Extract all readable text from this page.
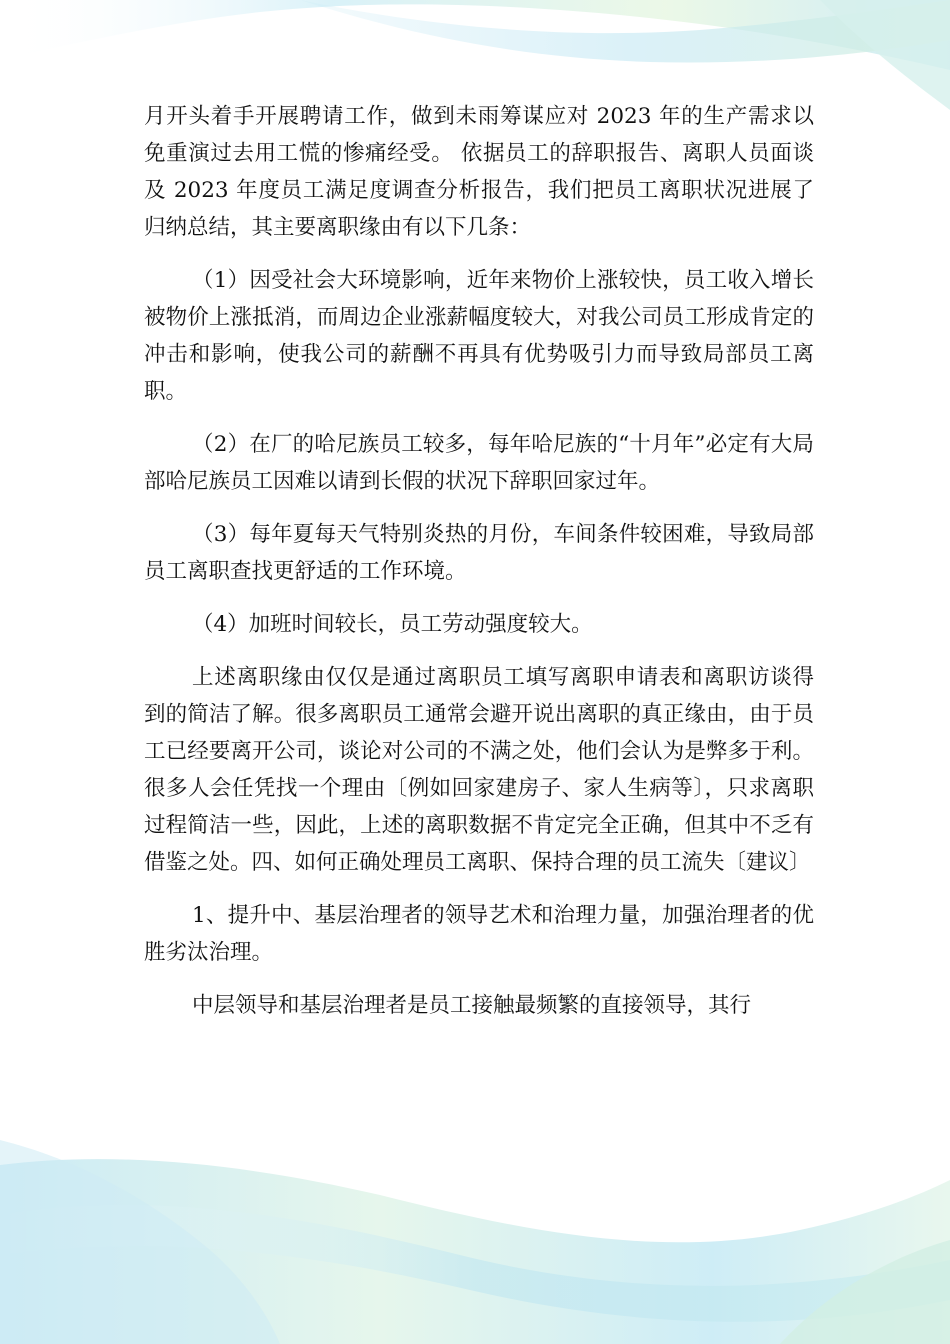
月开头着手开展聘请工作，做到未雨筹谋应对 2023 年的生产需求以免重演过去用工慌的惨痛经受。 依据员工的辞职报告、离职人员面谈及 2023 年度员工满足度调查分析报告，我们把员工离职状况进展了归纳总结，其主要离职缘由有以下几条：

（1）因受社会大环境影响，近年来物价上涨较快，员工收入增长被物价上涨抵消，而周边企业涨薪幅度较大，对我公司员工形成肯定的冲击和影响，使我公司的薪酬不再具有优势吸引力而导致局部员工离职。

（2）在厂的哈尼族员工较多，每年哈尼族的“十月年”必定有大局部哈尼族员工因难以请到长假的状况下辞职回家过年。

（3）每年夏每天气特别炎热的月份，车间条件较困难，导致局部员工离职查找更舒适的工作环境。

（4）加班时间较长，员工劳动强度较大。

上述离职缘由仅仅是通过离职员工填写离职申请表和离职访谈得到的简洁了解。很多离职员工通常会避开说出离职的真正缘由，由于员工已经要离开公司，谈论对公司的不满之处，他们会认为是弊多于利。很多人会任凭找一个理由〔例如回家建房子、家人生病等〕，只求离职过程简洁一些，因此，上述的离职数据不肯定完全正确，但其中不乏有借鉴之处。四、如何正确处理员工离职、保持合理的员工流失〔建议〕

1、提升中、基层治理者的领导艺术和治理力量，加强治理者的优胜劣汰治理。

中层领导和基层治理者是员工接触最频繁的直接领导，其行
